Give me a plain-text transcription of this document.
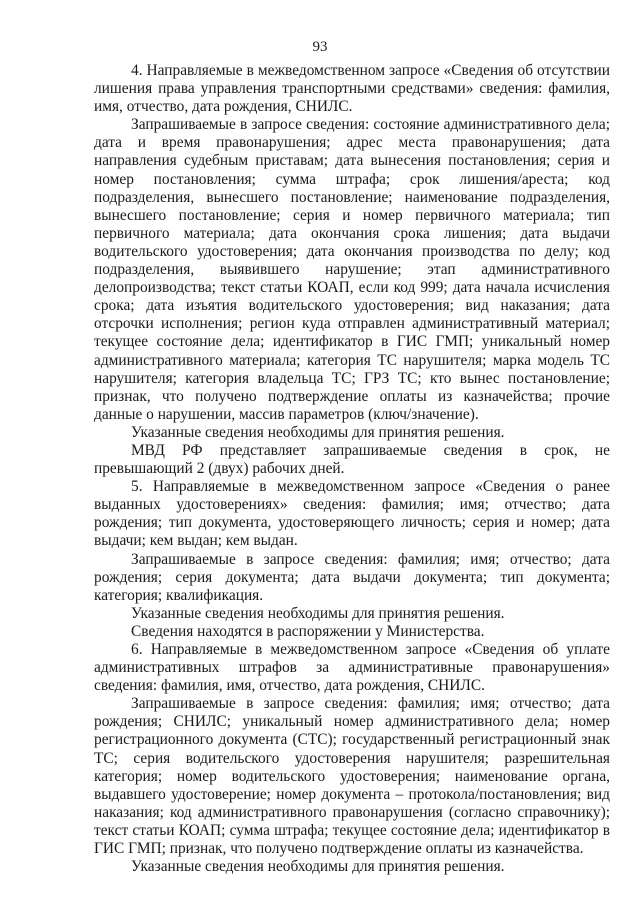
93

4. Направляемые в межведомственном запросе «Сведения об отсутствии лишения права управления транспортными средствами» сведения: фамилия, имя, отчество, дата рождения, СНИЛС.

Запрашиваемые в запросе сведения: состояние административного дела; дата и время правонарушения; адрес места правонарушения; дата направления судебным приставам; дата вынесения постановления; серия и номер постановления; сумма штрафа; срок лишения/ареста; код подразделения, вынесшего постановление; наименование подразделения, вынесшего постановление; серия и номер первичного материала; тип первичного материала; дата окончания срока лишения; дата выдачи водительского удостоверения; дата окончания производства по делу; код подразделения, выявившего нарушение; этап административного делопроизводства; текст статьи КОАП, если код 999; дата начала исчисления срока; дата изъятия водительского удостоверения; вид наказания; дата отсрочки исполнения; регион куда отправлен административный материал; текущее состояние дела; идентификатор в ГИС ГМП; уникальный номер административного материала; категория ТС нарушителя; марка модель ТС нарушителя; категория владельца ТС; ГРЗ ТС; кто вынес постановление; признак, что получено подтверждение оплаты из казначейства; прочие данные о нарушении, массив параметров (ключ/значение).

Указанные сведения необходимы для принятия решения.

МВД РФ представляет запрашиваемые сведения в срок, не превышающий 2 (двух) рабочих дней.

5. Направляемые в межведомственном запросе «Сведения о ранее выданных удостоверениях» сведения: фамилия; имя; отчество; дата рождения; тип документа, удостоверяющего личность; серия и номер; дата выдачи; кем выдан; кем выдан.

Запрашиваемые в запросе сведения: фамилия; имя; отчество; дата рождения; серия документа; дата выдачи документа; тип документа; категория; квалификация.

Указанные сведения необходимы для принятия решения.

Сведения находятся в распоряжении у Министерства.

6. Направляемые в межведомственном запросе «Сведения об уплате административных штрафов за административные правонарушения» сведения: фамилия, имя, отчество, дата рождения, СНИЛС.

Запрашиваемые в запросе сведения: фамилия; имя; отчество; дата рождения; СНИЛС; уникальный номер административного дела; номер регистрационного документа (СТС); государственный регистрационный знак ТС; серия водительского удостоверения нарушителя; разрешительная категория; номер водительского удостоверения; наименование органа, выдавшего удостоверение; номер документа – протокола/постановления; вид наказания; код административного правонарушения (согласно справочнику); текст статьи КОАП; сумма штрафа; текущее состояние дела; идентификатор в ГИС ГМП; признак, что получено подтверждение оплаты из казначейства.

Указанные сведения необходимы для принятия решения.
